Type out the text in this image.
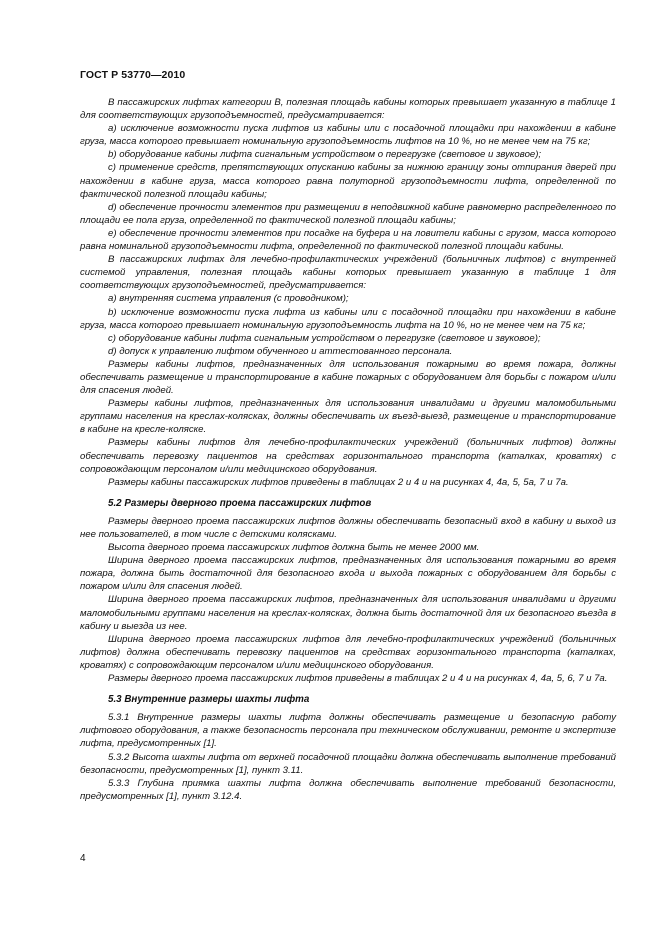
ГОСТ Р 53770—2010

В пассажирских лифтах категории В, полезная площадь кабины которых превышает указанную в таблице 1 для соответствующих грузоподъемностей, предусматривается:

a) исключение возможности пуска лифтов из кабины или с посадочной площадки при нахождении в кабине груза, масса которого превышает номинальную грузоподъемность лифтов на 10 %, но не менее чем на 75 кг;

b) оборудование кабины лифта сигнальным устройством о перегрузке (световое и звуковое);

c) применение средств, препятствующих опусканию кабины за нижнюю границу зоны отпирания дверей при нахождении в кабине груза, масса которого равна полуторной грузоподъемности лифта, определенной по фактической полезной площади кабины;

d) обеспечение прочности элементов при размещении в неподвижной кабине равномерно распределенного по площади ее пола груза, определенной по фактической полезной площади кабины;

e) обеспечение прочности элементов при посадке на буфера и на ловители кабины с грузом, масса которого равна номинальной грузоподъемности лифта, определенной по фактической полезной площади кабины.

В пассажирских лифтах для лечебно-профилактических учреждений (больничных лифтов) с внутренней системой управления, полезная площадь кабины которых превышает указанную в таблице 1 для соответствующих грузоподъемностей, предусматривается:

a) внутренняя система управления (с проводником);

b) исключение возможности пуска лифта из кабины или с посадочной площадки при нахождении в кабине груза, масса которого превышает номинальную грузоподъемность лифта на 10 %, но не менее чем на 75 кг;

c) оборудование кабины лифта сигнальным устройством о перегрузке (световое и звуковое);

d) допуск к управлению лифтом обученного и аттестованного персонала.

Размеры кабины лифтов, предназначенных для использования пожарными во время пожара, должны обеспечивать размещение и транспортирование в кабине пожарных с оборудованием для борьбы с пожаром и/или для спасения людей.

Размеры кабины лифтов, предназначенных для использования инвалидами и другими маломобильными группами населения на креслах-колясках, должны обеспечивать их въезд-выезд, размещение и транспортирование в кабине на кресле-коляске.

Размеры кабины лифтов для лечебно-профилактических учреждений (больничных лифтов) должны обеспечивать перевозку пациентов на средствах горизонтального транспорта (каталках, кроватях) с сопровождающим персоналом и/или медицинского оборудования.

Размеры кабины пассажирских лифтов приведены в таблицах 2 и 4 и на рисунках 4, 4а, 5, 5а, 7 и 7а.

5.2 Размеры дверного проема пассажирских лифтов

Размеры дверного проема пассажирских лифтов должны обеспечивать безопасный вход в кабину и выход из нее пользователей, в том числе с детскими колясками.

Высота дверного проема пассажирских лифтов должна быть не менее 2000 мм.

Ширина дверного проема пассажирских лифтов, предназначенных для использования пожарными во время пожара, должна быть достаточной для безопасного входа и выхода пожарных с оборудованием для борьбы с пожаром и/или для спасения людей.

Ширина дверного проема пассажирских лифтов, предназначенных для использования инвалидами и другими маломобильными группами населения на креслах-колясках, должна быть достаточной для их безопасного въезда в кабину и выезда из нее.

Ширина дверного проема пассажирских лифтов для лечебно-профилактических учреждений (больничных лифтов) должна обеспечивать перевозку пациентов на средствах горизонтального транспорта (каталках, кроватях) с сопровождающим персоналом и/или медицинского оборудования.

Размеры дверного проема пассажирских лифтов приведены в таблицах 2 и 4 и на рисунках 4, 4а, 5, 6, 7 и 7а.

5.3 Внутренние размеры шахты лифта

5.3.1 Внутренние размеры шахты лифта должны обеспечивать размещение и безопасную работу лифтового оборудования, а также безопасность персонала при техническом обслуживании, ремонте и экспертизе лифта, предусмотренных [1].

5.3.2 Высота шахты лифта от верхней посадочной площадки должна обеспечивать выполнение требований безопасности, предусмотренных [1], пункт 3.11.

5.3.3 Глубина приямка шахты лифта должна обеспечивать выполнение требований безопасности, предусмотренных [1], пункт 3.12.4.

4
